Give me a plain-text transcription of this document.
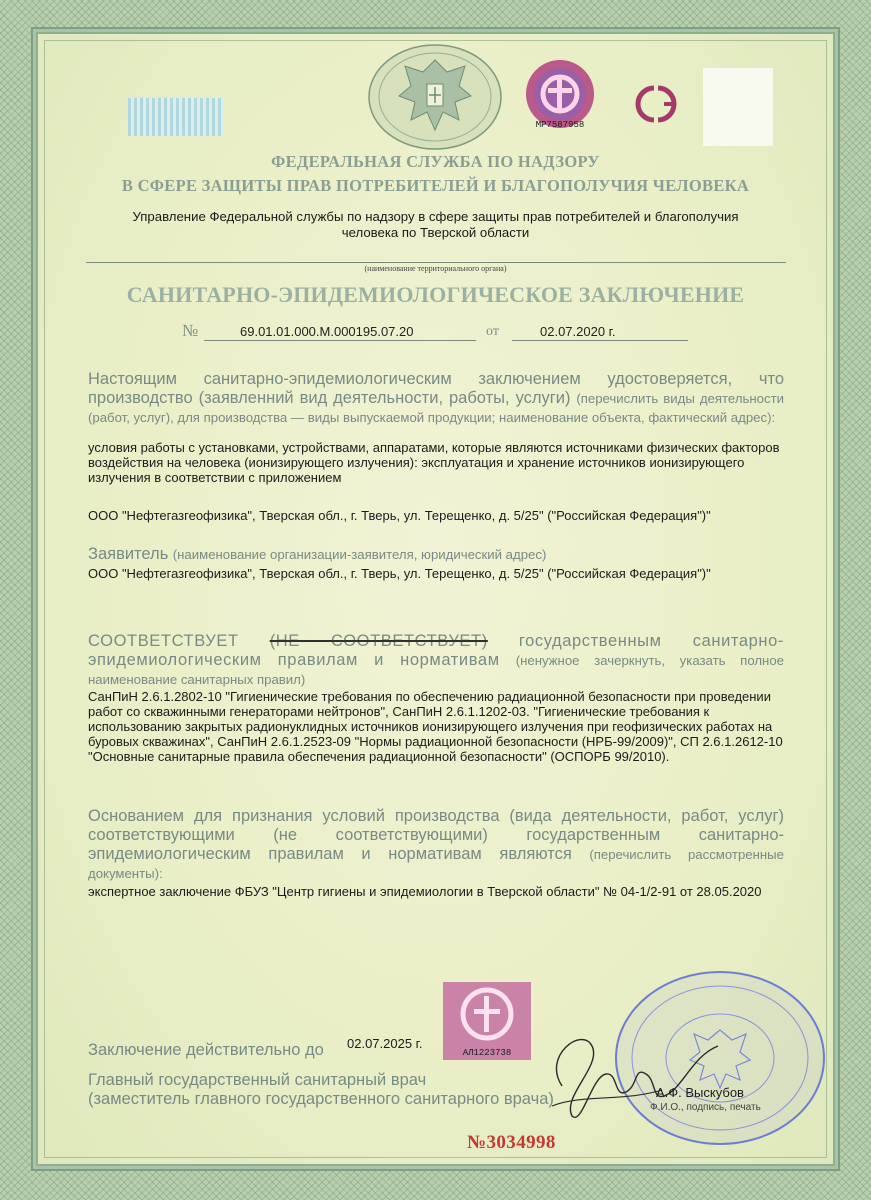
МР7587958
ФЕДЕРАЛЬНАЯ СЛУЖБА ПО НАДЗОРУ
В СФЕРЕ ЗАЩИТЫ ПРАВ ПОТРЕБИТЕЛЕЙ И БЛАГОПОЛУЧИЯ ЧЕЛОВЕКА
Управление Федеральной службы по надзору в сфере защиты прав потребителей и благополучия
человека по Тверской области
(наименование территориального органа)
САНИТАРНО-ЭПИДЕМИОЛОГИЧЕСКОЕ ЗАКЛЮЧЕНИЕ
№	69.01.01.000.М.000195.07.20	от	02.07.2020 г.
Настоящим санитарно-эпидемиологическим заключением удостоверяется, что производство (заявленний вид деятельности, работы, услуги) (перечислить виды деятельности (работ, услуг), для производства — виды выпускаемой продукции; наименование объекта, фактический адрес):
условия работы с установками, устройствами, аппаратами, которые являются источниками физических факторов воздействия на человека (ионизирующего излучения): эксплуатация и хранение источников ионизирующего излучения в соответствии с приложением
ООО "Нефтегазгеофизика", Тверская обл., г. Тверь, ул. Терещенко, д. 5/25" ("Российская Федерация")"
Заявитель (наименование организации-заявителя, юридический адрес)
ООО "Нефтегазгеофизика", Тверская обл., г. Тверь, ул. Терещенко, д. 5/25" ("Российская Федерация")"
СООТВЕТСТВУЕТ (НЕ СООТВЕТСТВУЕТ) государственным санитарно-эпидемиологическим правилам и нормативам (ненужное зачеркнуть, указать полное наименование санитарных правил)
СанПиН 2.6.1.2802-10 "Гигиенические требования по обеспечению радиационной безопасности при проведении работ со скважинными генераторами нейтронов", СанПиН 2.6.1.1202-03. "Гигиенические требования к использованию закрытых радионуклидных источников ионизирующего излучения при геофизических работах на буровых скважинах", СанПиН 2.6.1.2523-09 "Нормы радиационной безопасности (НРБ-99/2009)", СП 2.6.1.2612-10 "Основные санитарные правила обеспечения радиационной безопасности" (ОСПОРБ 99/2010).
Основанием для признания условий производства (вида деятельности, работ, услуг) соответствующими (не соответствующими) государственным санитарно-эпидемиологическим правилам и нормативам являются (перечислить рассмотренные документы):
экспертное заключение ФБУЗ "Центр гигиены и эпидемиологии в Тверской области" № 04-1/2-91 от 28.05.2020
АЛ1223738
Заключение действительно до 02.07.2025 г.
Главный государственный санитарный врач
(заместитель главного государственного санитарного врача)	А.Ф. Выскубов
Ф.И.О., подпись, печать
№3034998
